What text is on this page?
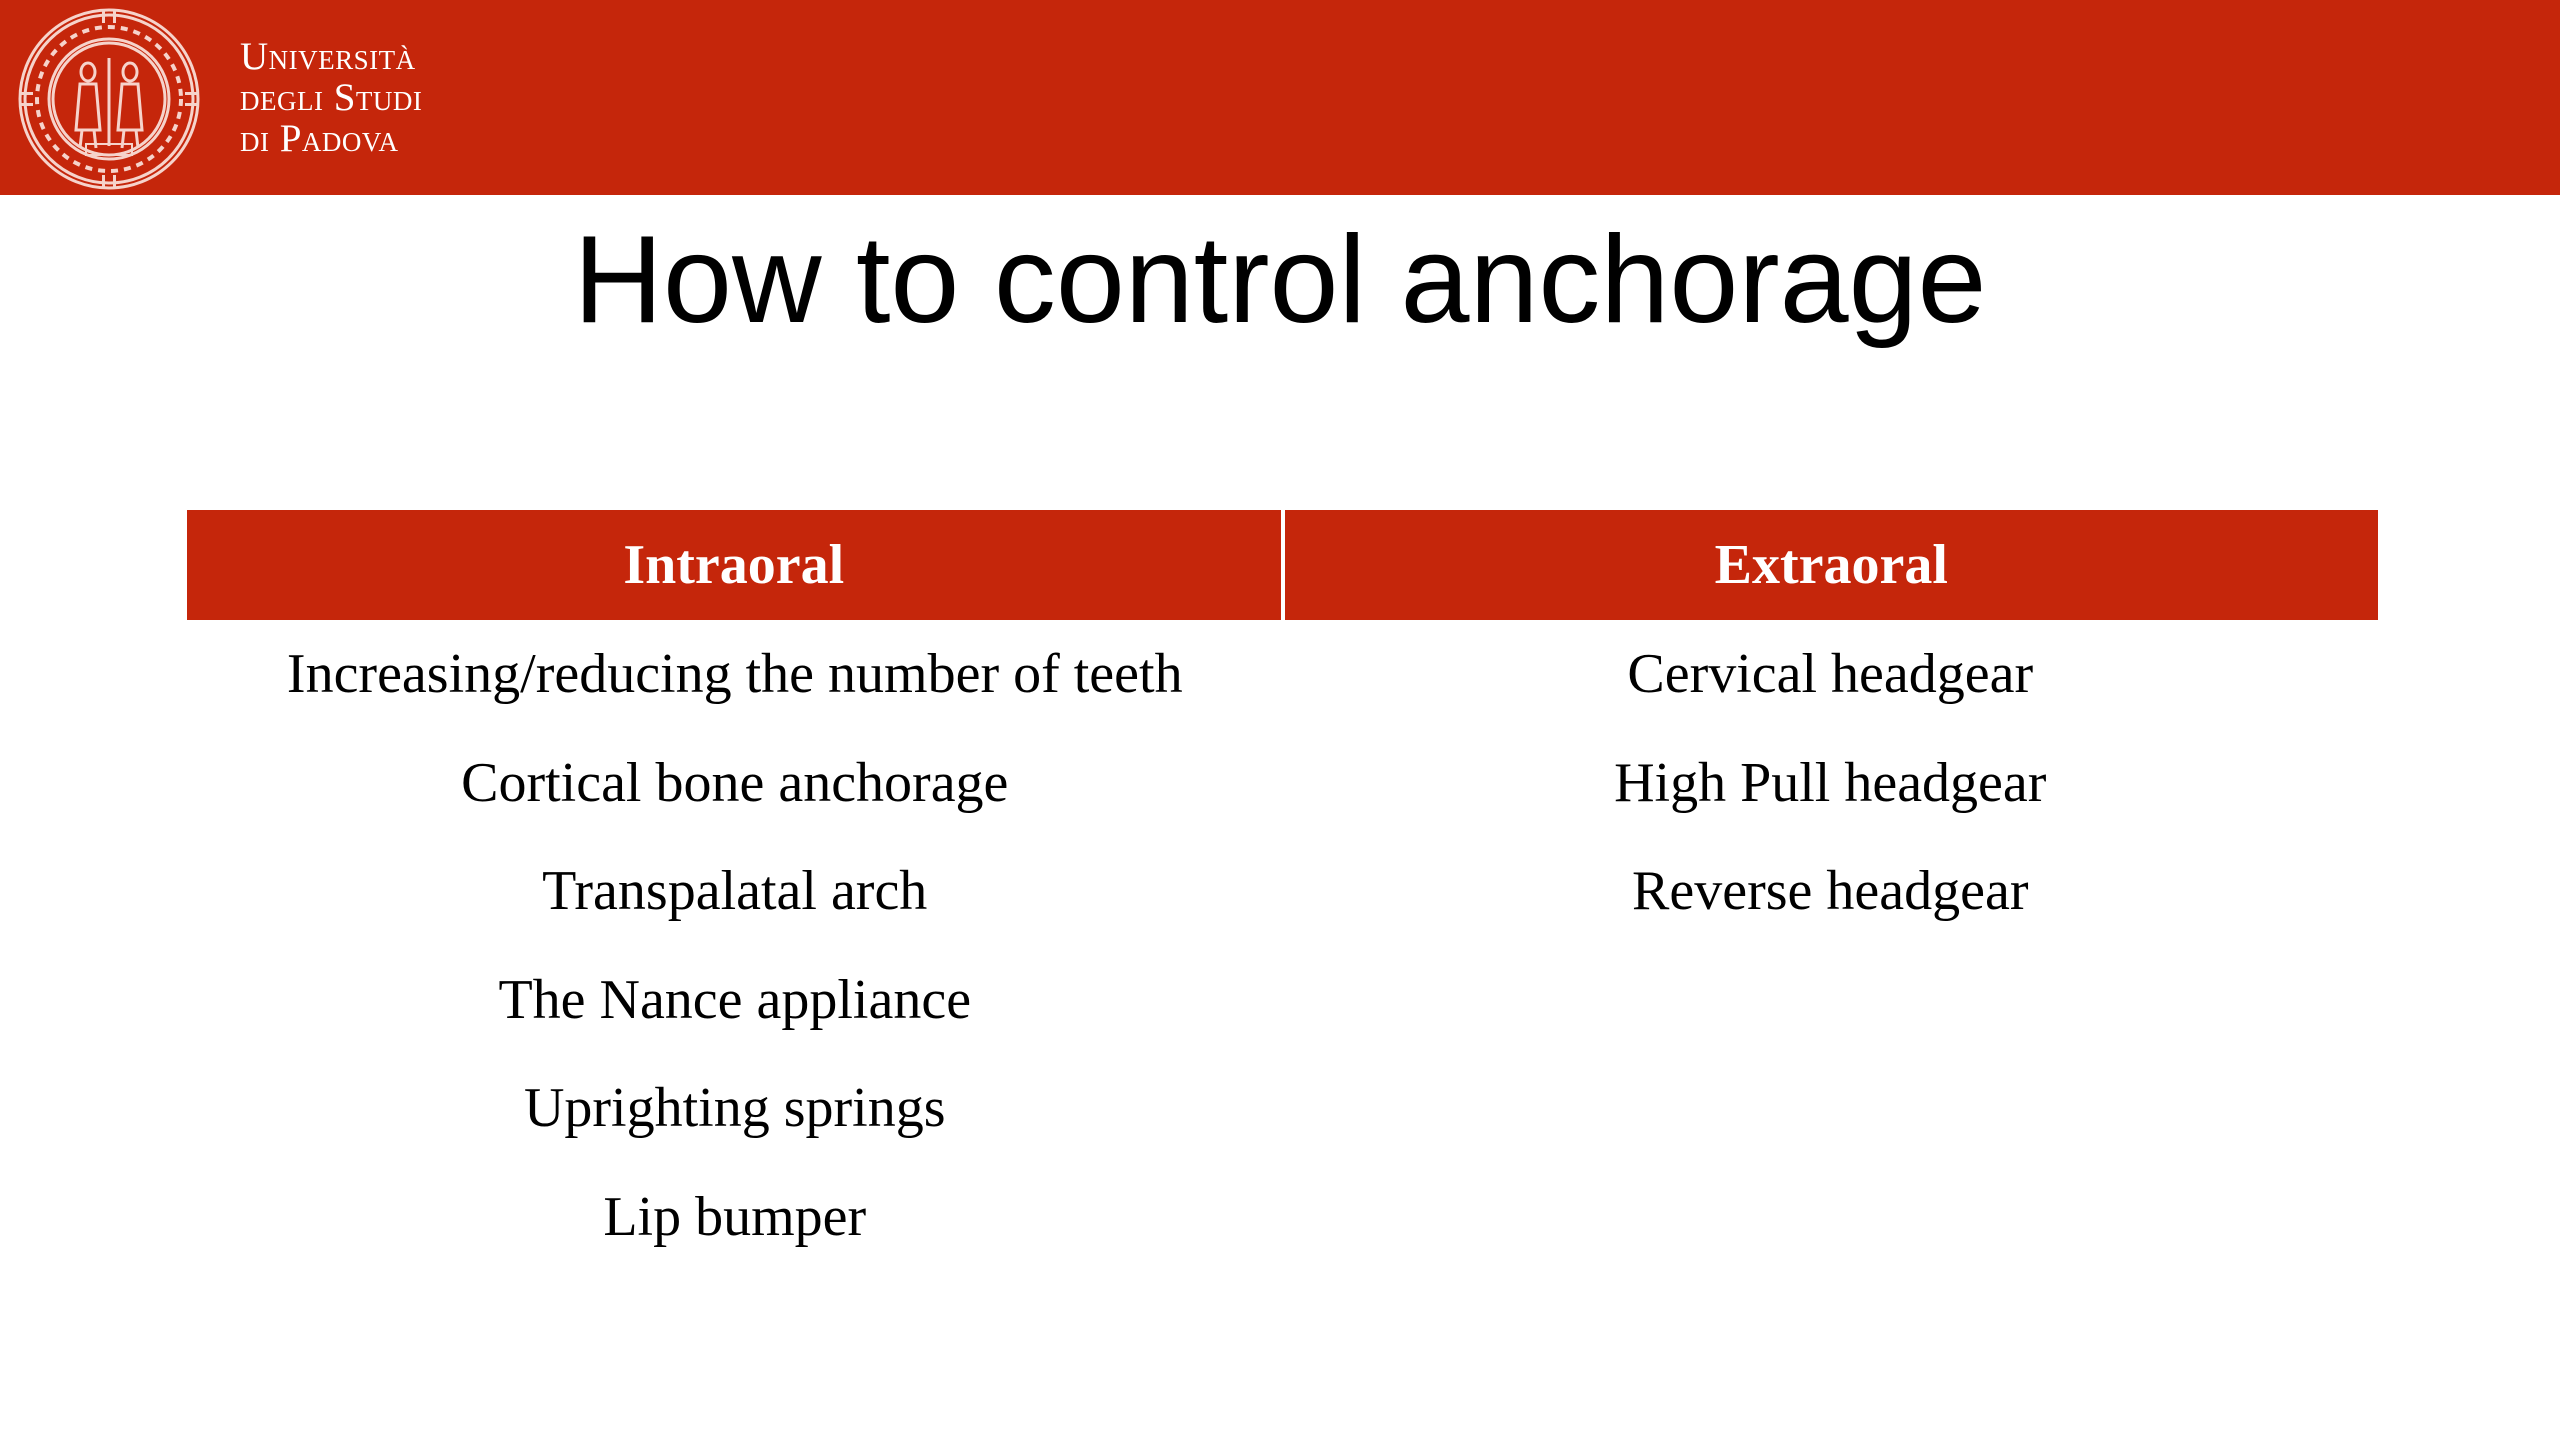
Università
degli Studi
di Padova
How to control anchorage
Intraoral	Extraoral
Increasing/reducing the number of teeth	Cervical headgear
Cortical bone anchorage	High Pull headgear
Transpalatal arch	Reverse headgear
The Nance appliance	
Uprighting springs	
Lip bumper	
